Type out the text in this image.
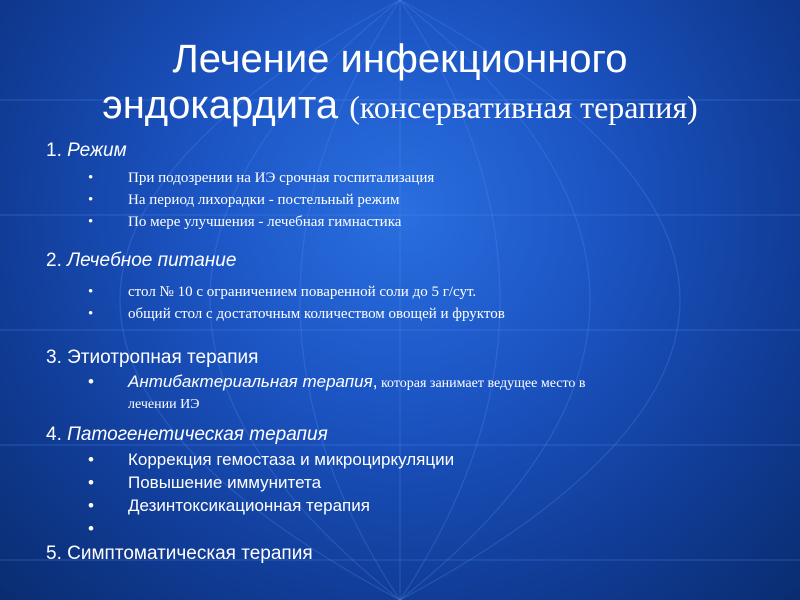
Лечение инфекционного
эндокардита (консервативная терапия)

1. Режим

• При подозрении на ИЭ срочная госпитализация
• На период лихорадки - постельный режим
• По мере улучшения - лечебная гимнастика

2. Лечебное питание

• стол № 10 с ограничением поваренной соли до 5 г/сут.
• общий стол с достаточным количеством овощей и фруктов

3. Этиотропная терапия

• Антибактериальная терапия, которая занимает ведущее место в
лечении ИЭ

4. Патогенетическая терапия

• Коррекция гемостаза и микроциркуляции
• Повышение иммунитета
• Дезинтоксикационная терапия
•

5. Симптоматическая терапия
